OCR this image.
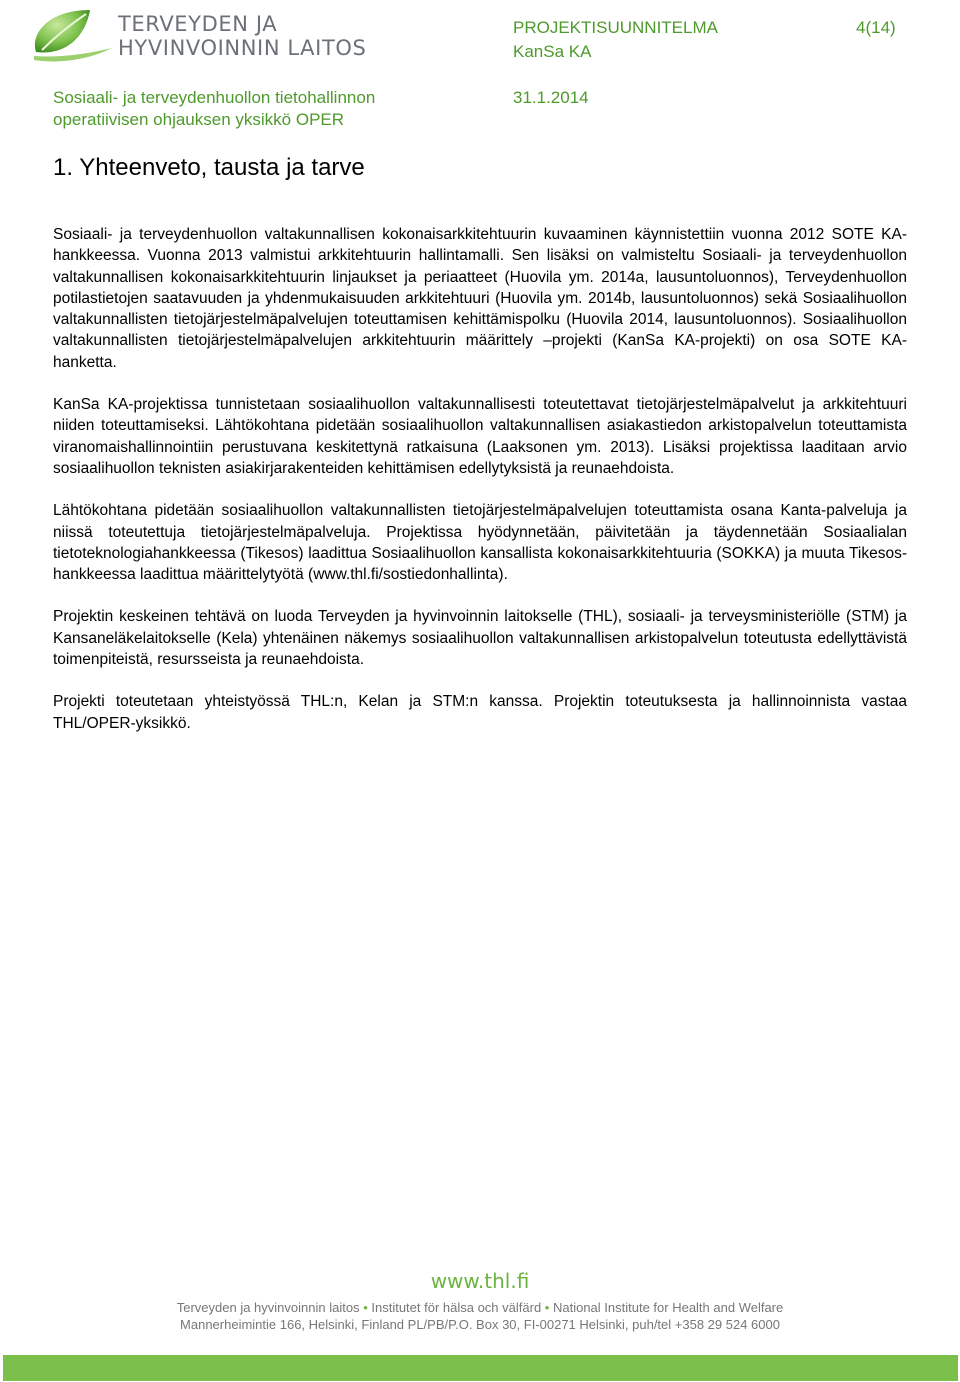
TERVEYDEN JA
HYVINVOINNIN LAITOS
PROJEKTISUUNNITELMA
KanSa KA
4(14)
Sosiaali- ja terveydenhuollon tietohallinnon
operatiivisen ohjauksen yksikkö OPER
31.1.2014
1. Yhteenveto, tausta ja tarve

Sosiaali- ja terveydenhuollon valtakunnallisen kokonaisarkkitehtuurin kuvaaminen käynnistettiin vuonna 2012 SOTE KA-hankkeessa. Vuonna 2013 valmistui arkkitehtuurin hallintamalli. Sen lisäksi on valmisteltu Sosiaali- ja terveydenhuollon valtakunnallisen kokonaisarkkitehtuurin linjaukset ja periaatteet (Huovila ym. 2014a, lausuntoluonnos), Terveydenhuollon potilastietojen saatavuuden ja yhdenmukaisuuden arkkitehtuuri (Huovila ym. 2014b, lausuntoluonnos) sekä Sosiaalihuollon valtakunnallisten tietojärjestelmäpalvelujen toteuttamisen kehittämispolku (Huovila 2014, lausuntoluonnos). Sosiaalihuollon valtakunnallisten tietojärjestelmäpalvelujen arkkitehtuurin määrittely –projekti (KanSa KA-projekti) on osa SOTE KA-hanketta.

KanSa KA-projektissa tunnistetaan sosiaalihuollon valtakunnallisesti toteutettavat tietojärjestelmäpalvelut ja arkkitehtuuri niiden toteuttamiseksi. Lähtökohtana pidetään sosiaalihuollon valtakunnallisen asiakastiedon arkistopalvelun toteuttamista viranomaishallinnointiin perustuvana keskitettynä ratkaisuna (Laaksonen ym. 2013). Lisäksi projektissa laaditaan arvio sosiaalihuollon teknisten asiakirjarakenteiden kehittämisen edellytyksistä ja reunaehdoista.

Lähtökohtana pidetään sosiaalihuollon valtakunnallisten tietojärjestelmäpalvelujen toteuttamista osana Kanta-palveluja ja niissä toteutettuja tietojärjestelmäpalveluja. Projektissa hyödynnetään, päivitetään ja täydennetään Sosiaalialan tietoteknologiahankkeessa (Tikesos) laadittua Sosiaalihuollon kansallista kokonaisarkkitehtuuria (SOKKA) ja muuta Tikesos-hankkeessa laadittua määrittelytyötä (www.thl.fi/sostiedonhallinta).

Projektin keskeinen tehtävä on luoda Terveyden ja hyvinvoinnin laitokselle (THL), sosiaali- ja terveysministeriölle (STM) ja Kansaneläkelaitokselle (Kela) yhtenäinen näkemys sosiaalihuollon valtakunnallisen arkistopalvelun toteutusta edellyttävistä toimenpiteistä, resursseista ja reunaehdoista.

Projekti toteutetaan yhteistyössä THL:n, Kelan ja STM:n kanssa. Projektin toteutuksesta ja hallinnoinnista vastaa THL/OPER-yksikkö.

www.thl.fi
Terveyden ja hyvinvoinnin laitos • Institutet för hälsa och välfärd • National Institute for Health and Welfare
Mannerheimintie 166, Helsinki, Finland PL/PB/P.O. Box 30, FI-00271 Helsinki, puh/tel +358 29 524 6000
